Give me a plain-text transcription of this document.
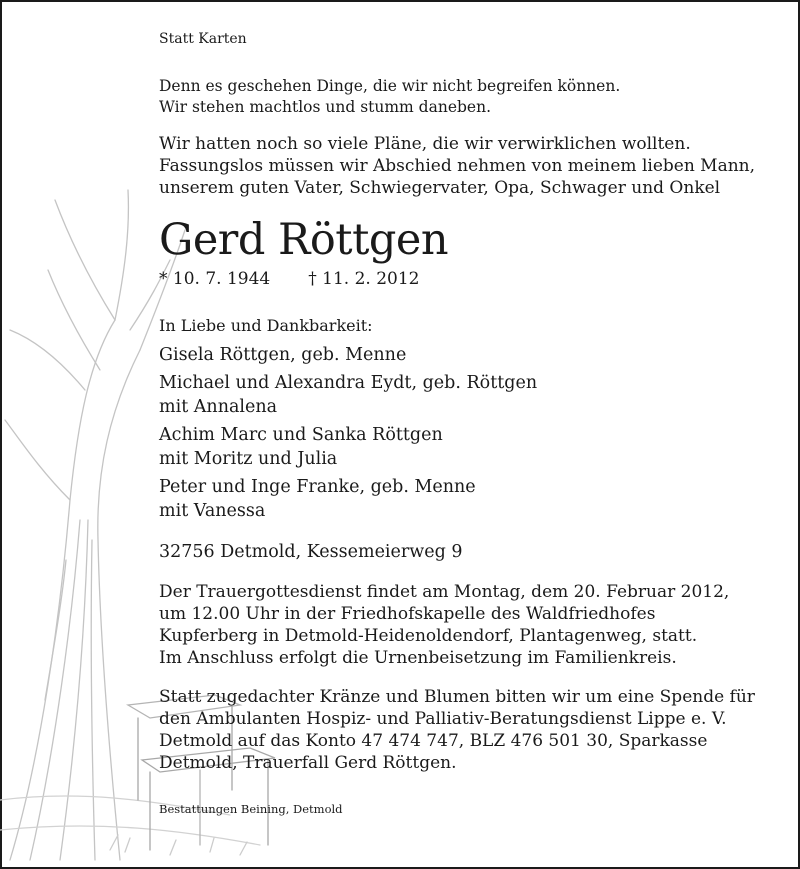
Statt Karten

Denn es geschehen Dinge, die wir nicht begreifen können.

Wir stehen machtlos und stumm daneben.

Wir hatten noch so viele Pläne, die wir verwirklichen wollten.

Fassungslos müssen wir Abschied nehmen von meinem lieben Mann,

unserem guten Vater, Schwiegervater, Opa, Schwager und Onkel

Gerd Röttgen

* 10. 7. 1944 † 11. 2. 2012

In Liebe und Dankbarkeit:

Gisela Röttgen, geb. Menne
Michael und Alexandra Eydt, geb. Röttgen
mit Annalena
Achim Marc und Sanka Röttgen
mit Moritz und Julia
Peter und Inge Franke, geb. Menne
mit Vanessa

32756 Detmold, Kessemeierweg 9

Der Trauergottesdienst findet am Montag, dem 20. Februar 2012,

um 12.00 Uhr in der Friedhofskapelle des Waldfriedhofes

Kupferberg in Detmold-Heidenoldendorf, Plantagenweg, statt.

Im Anschluss erfolgt die Urnenbeisetzung im Familienkreis.

Statt zugedachter Kränze und Blumen bitten wir um eine Spende für

den Ambulanten Hospiz- und Palliativ-Beratungsdienst Lippe e. V.

Detmold auf das Konto 47 474 747, BLZ 476 501 30, Sparkasse

Detmold, Trauerfall Gerd Röttgen.

Bestattungen Beining, Detmold
